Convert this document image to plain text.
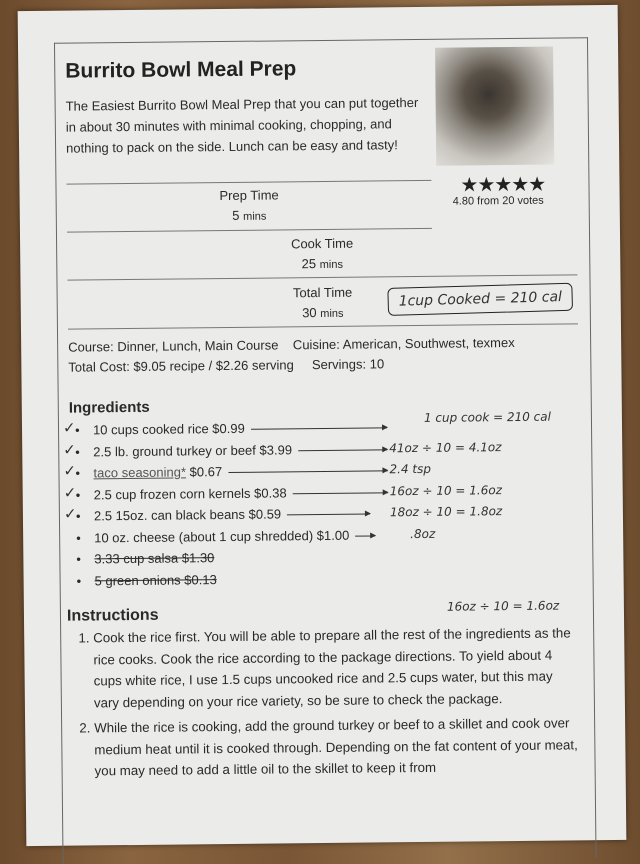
Burrito Bowl Meal Prep
The Easiest Burrito Bowl Meal Prep that you can put together in about 30 minutes with minimal cooking, chopping, and nothing to pack on the side. Lunch can be easy and tasty!
★★★★★
4.80 from 20 votes
Prep Time
5 mins
Cook Time
25 mins
Total Time
30 mins
1cup Cooked = 210 cal
Course: Dinner, Lunch, Main Course Cuisine: American, Southwest, texmex
Total Cost: $9.05 recipe / $2.26 serving Servings: 10
Ingredients
• ✓ 10 cups cooked rice $0.99
1 cup cook = 210 cal
• ✓ 2.5 lb. ground turkey or beef $3.99	41oz ÷ 10 = 4.1oz
• ✓ taco seasoning* $0.67	2.4 tsp
• ✓ 2.5 cup frozen corn kernels $0.38	16oz ÷ 10 = 1.6oz
• ✓ 2.5 15oz. can black beans $0.59	18oz ÷ 10 = 1.8oz
• 10 oz. cheese (about 1 cup shredded) $1.00	.8oz
• 3.33 cup salsa $1.30
• 5 green onions $0.13
Instructions
16oz ÷ 10 = 1.6oz
1. Cook the rice first. You will be able to prepare all the rest of the ingredients as the rice cooks. Cook the rice according to the package directions. To yield about 4 cups white rice, I use 1.5 cups uncooked rice and 2.5 cups water, but this may vary depending on your rice variety, so be sure to check the package.
2. While the rice is cooking, add the ground turkey or beef to a skillet and cook over medium heat until it is cooked through. Depending on the fat content of your meat, you may need to add a little oil to the skillet to keep it from
